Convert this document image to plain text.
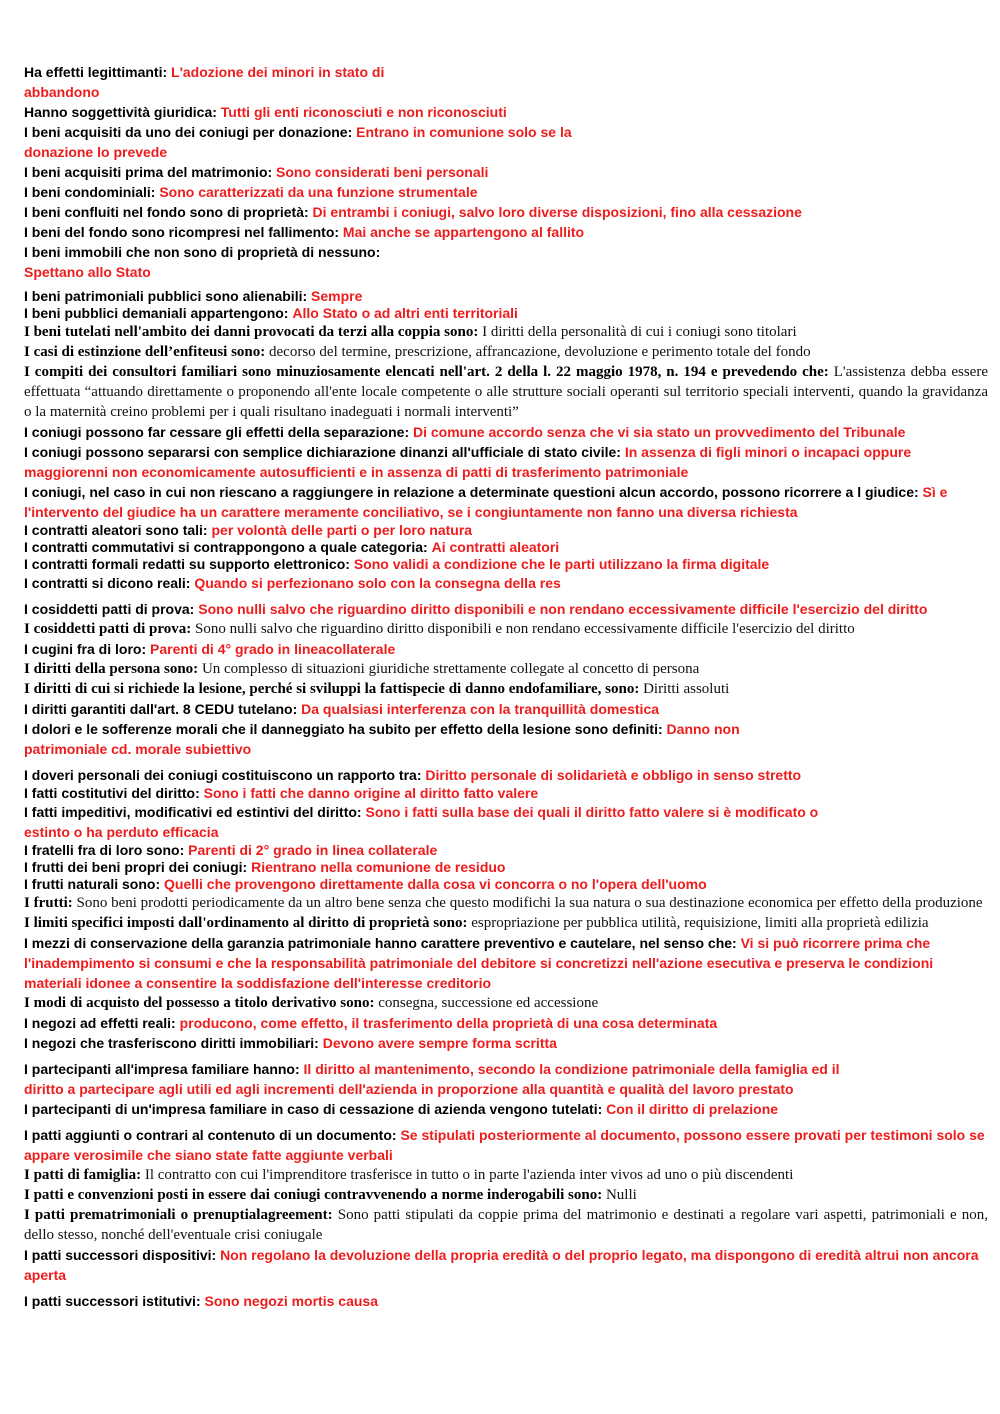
Ha effetti legittimanti: L'adozione dei minori in stato di
abbandono

Hanno soggettività giuridica: Tutti gli enti riconosciuti e non riconosciuti

I beni acquisiti da uno dei coniugi per donazione: Entrano in comunione solo se la
donazione lo prevede

I beni acquisiti prima del matrimonio: Sono considerati beni personali

I beni condominiali: Sono caratterizzati da una funzione strumentale

I beni confluiti nel fondo sono di proprietà: Di entrambi i coniugi, salvo loro diverse disposizioni, fino alla cessazione

I beni del fondo sono ricompresi nel fallimento: Mai anche se appartengono al fallito

I beni immobili che non sono di proprietà di nessuno:
Spettano allo Stato

I beni patrimoniali pubblici sono alienabili: Sempre

I beni pubblici demaniali appartengono: Allo Stato o ad altri enti territoriali

I beni tutelati nell'ambito dei danni provocati da terzi alla coppia sono: I diritti della personalità di cui i coniugi sono titolari

I casi di estinzione dell’enfiteusi sono: decorso del termine, prescrizione, affrancazione, devoluzione e perimento totale del fondo

I compiti dei consultori familiari sono minuziosamente elencati nell'art. 2 della l. 22 maggio 1978, n. 194 e prevedendo che: L'assistenza debba essere effettuata “attuando direttamente o proponendo all'ente locale competente o alle strutture sociali operanti sul territorio speciali interventi, quando la gravidanza o la maternità creino problemi per i quali risultano inadeguati i normali interventi”

I coniugi possono far cessare gli effetti della separazione: Di comune accordo senza che vi sia stato un provvedimento del Tribunale

I coniugi possono separarsi con semplice dichiarazione dinanzi all'ufficiale di stato civile: In assenza di figli minori o incapaci oppure maggiorenni non economicamente autosufficienti e in assenza di patti di trasferimento patrimoniale

I coniugi, nel caso in cui non riescano a raggiungere in relazione a determinate questioni alcun accordo, possono ricorrere a l giudice: Sì e l'intervento del giudice ha un carattere meramente conciliativo, se i congiuntamente non fanno una diversa richiesta

I contratti aleatori sono tali: per volontà delle parti o per loro natura

I contratti commutativi si contrappongono a quale categoria: Ai contratti aleatori

I contratti formali redatti su supporto elettronico: Sono validi a condizione che le parti utilizzano la firma digitale

I contratti si dicono reali: Quando si perfezionano solo con la consegna della res

I cosiddetti patti di prova: Sono nulli salvo che riguardino diritto disponibili e non rendano eccessivamente difficile l'esercizio del diritto

I cosiddetti patti di prova: Sono nulli salvo che riguardino diritto disponibili e non rendano eccessivamente difficile l'esercizio del diritto

I cugini fra di loro: Parenti di 4° grado in lineacollaterale

I diritti della persona sono: Un complesso di situazioni giuridiche strettamente collegate al concetto di persona

I diritti di cui si richiede la lesione, perché si sviluppi la fattispecie di danno endofamiliare, sono: Diritti assoluti

I diritti garantiti dall'art. 8 CEDU tutelano: Da qualsiasi interferenza con la tranquillità domestica

I dolori e le sofferenze morali che il danneggiato ha subito per effetto della lesione sono definiti: Danno non
patrimoniale cd. morale subiettivo

I doveri personali dei coniugi costituiscono un rapporto tra: Diritto personale di solidarietà e obbligo in senso stretto

I fatti costitutivi del diritto: Sono i fatti che danno origine al diritto fatto valere

I fatti impeditivi, modificativi ed estintivi del diritto: Sono i fatti sulla base dei quali il diritto fatto valere si è modificato o
estinto o ha perduto efficacia

I fratelli fra di loro sono: Parenti di 2° grado in linea collaterale

I frutti dei beni propri dei coniugi: Rientrano nella comunione de residuo

I frutti naturali sono: Quelli che provengono direttamente dalla cosa vi concorra o no l'opera dell'uomo

I frutti: Sono beni prodotti periodicamente da un altro bene senza che questo modifichi la sua natura o sua destinazione economica per effetto della produzione

I limiti specifici imposti dall'ordinamento al diritto di proprietà sono: espropriazione per pubblica utilità, requisizione, limiti alla proprietà edilizia

I mezzi di conservazione della garanzia patrimoniale hanno carattere preventivo e cautelare, nel senso che: Vi si può ricorrere prima che l'inadempimento si consumi e che la responsabilità patrimoniale del debitore si concretizzi nell'azione esecutiva e preserva le condizioni materiali idonee a consentire la soddisfazione dell'interesse creditorio

I modi di acquisto del possesso a titolo derivativo sono: consegna, successione ed accessione

I negozi ad effetti reali: producono, come effetto, il trasferimento della proprietà di una cosa determinata

I negozi che trasferiscono diritti immobiliari: Devono avere sempre forma scritta

I partecipanti all'impresa familiare hanno: Il diritto al mantenimento, secondo la condizione patrimoniale della famiglia ed il
diritto a partecipare agli utili ed agli incrementi dell'azienda in proporzione alla quantità e qualità del lavoro prestato

I partecipanti di un'impresa familiare in caso di cessazione di azienda vengono tutelati: Con il diritto di prelazione

I patti aggiunti o contrari al contenuto di un documento: Se stipulati posteriormente al documento, possono essere provati per testimoni solo se appare verosimile che siano state fatte aggiunte verbali

I patti di famiglia: Il contratto con cui l'imprenditore trasferisce in tutto o in parte l'azienda inter vivos ad uno o più discendenti

I patti e convenzioni posti in essere dai coniugi contravvenendo a norme inderogabili sono: Nulli

I patti prematrimoniali o prenuptialagreement: Sono patti stipulati da coppie prima del matrimonio e destinati a regolare vari aspetti, patrimoniali e non, dello stesso, nonché dell'eventuale crisi coniugale

I patti successori dispositivi: Non regolano la devoluzione della propria eredità o del proprio legato, ma dispongono di eredità altrui non ancora aperta

I patti successori istitutivi: Sono negozi mortis causa
